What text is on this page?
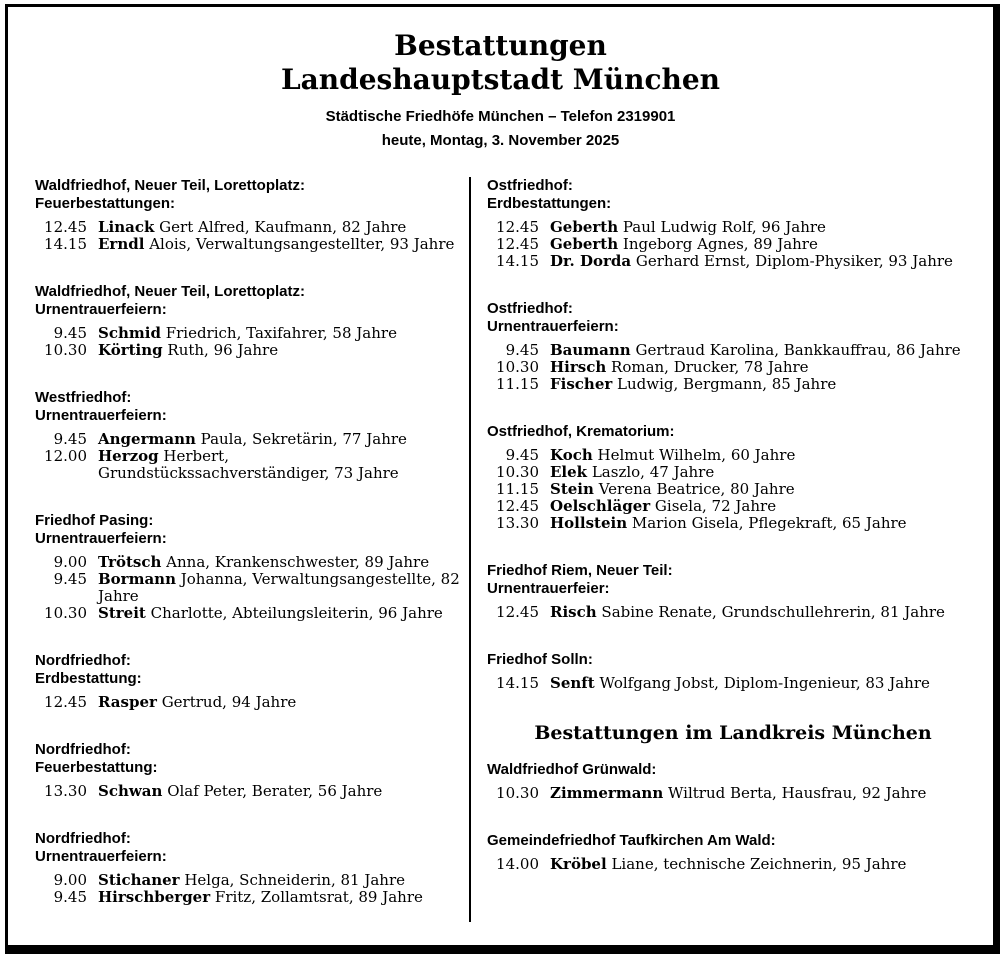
Bestattungen
Landeshauptstadt München
Städtische Friedhöfe München – Telefon 2319901
heute, Montag, 3. November 2025
Waldfriedhof, Neuer Teil, Lorettoplatz:
Feuerbestattungen:
12.45 Linack Gert Alfred, Kaufmann, 82 Jahre
14.15 Erndl Alois, Verwaltungsangestellter, 93 Jahre
Waldfriedhof, Neuer Teil, Lorettoplatz:
Urnentrauerfeiern:
9.45 Schmid Friedrich, Taxifahrer, 58 Jahre
10.30 Körting Ruth, 96 Jahre
Westfriedhof:
Urnentrauerfeiern:
9.45 Angermann Paula, Sekretärin, 77 Jahre
12.00 Herzog Herbert,
Grundstückssachverständiger, 73 Jahre
Friedhof Pasing:
Urnentrauerfeiern:
9.00 Trötsch Anna, Krankenschwester, 89 Jahre
9.45 Bormann Johanna, Verwaltungsangestellte, 82 Jahre
10.30 Streit Charlotte, Abteilungsleiterin, 96 Jahre
Nordfriedhof:
Erdbestattung:
12.45 Rasper Gertrud, 94 Jahre
Nordfriedhof:
Feuerbestattung:
13.30 Schwan Olaf Peter, Berater, 56 Jahre
Nordfriedhof:
Urnentrauerfeiern:
9.00 Stichaner Helga, Schneiderin, 81 Jahre
9.45 Hirschberger Fritz, Zollamtsrat, 89 Jahre
Ostfriedhof:
Erdbestattungen:
12.45 Geberth Paul Ludwig Rolf, 96 Jahre
12.45 Geberth Ingeborg Agnes, 89 Jahre
14.15 Dr. Dorda Gerhard Ernst, Diplom-Physiker, 93 Jahre
Ostfriedhof:
Urnentrauerfeiern:
9.45 Baumann Gertraud Karolina, Bankkauffrau, 86 Jahre
10.30 Hirsch Roman, Drucker, 78 Jahre
11.15 Fischer Ludwig, Bergmann, 85 Jahre
Ostfriedhof, Krematorium:
9.45 Koch Helmut Wilhelm, 60 Jahre
10.30 Elek Laszlo, 47 Jahre
11.15 Stein Verena Beatrice, 80 Jahre
12.45 Oelschläger Gisela, 72 Jahre
13.30 Hollstein Marion Gisela, Pflegekraft, 65 Jahre
Friedhof Riem, Neuer Teil:
Urnentrauerfeier:
12.45 Risch Sabine Renate, Grundschullehrerin, 81 Jahre
Friedhof Solln:
14.15 Senft Wolfgang Jobst, Diplom-Ingenieur, 83 Jahre
Bestattungen im Landkreis München
Waldfriedhof Grünwald:
10.30 Zimmermann Wiltrud Berta, Hausfrau, 92 Jahre
Gemeindefriedhof Taufkirchen Am Wald:
14.00 Kröbel Liane, technische Zeichnerin, 95 Jahre
